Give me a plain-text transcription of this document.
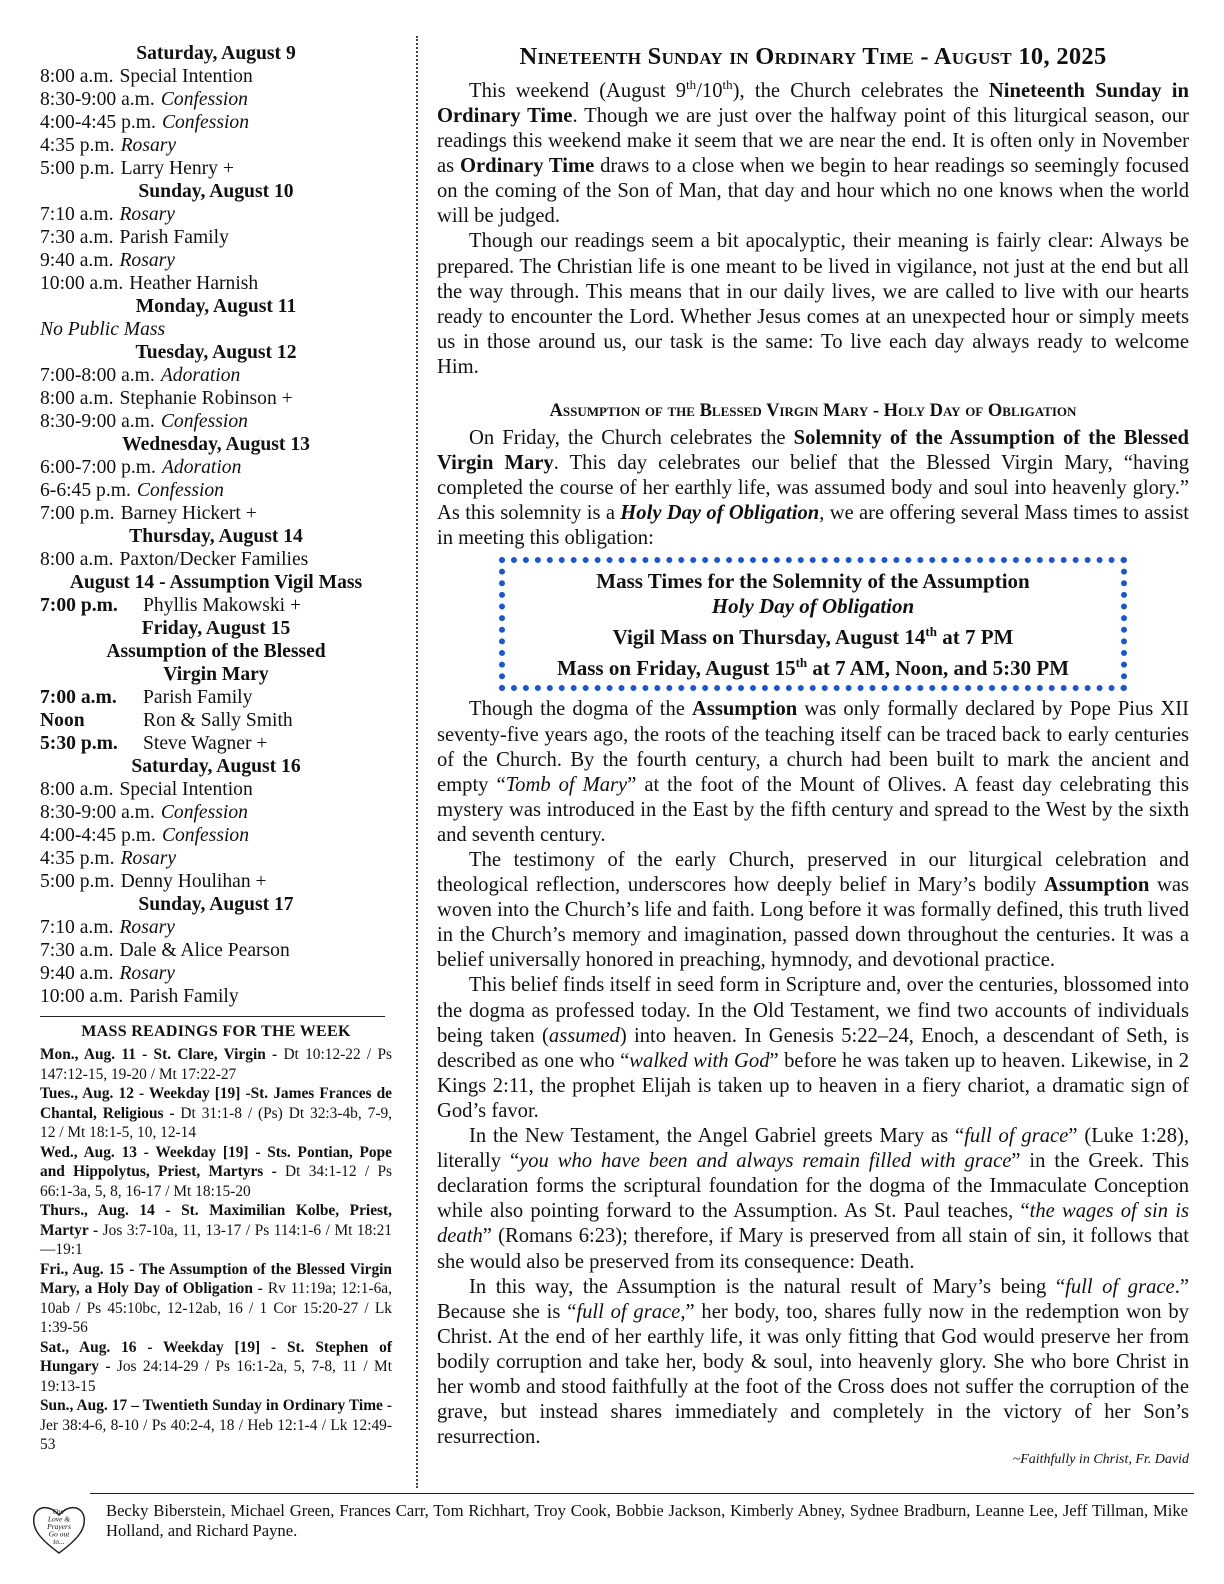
Saturday, August 9
8:00 a.m. Special Intention
8:30-9:00 a.m. Confession
4:00-4:45 p.m. Confession
4:35 p.m. Rosary
5:00 p.m. Larry Henry +
Sunday, August 10
7:10 a.m. Rosary
7:30 a.m. Parish Family
9:40 a.m. Rosary
10:00 a.m. Heather Harnish
Monday, August 11
No Public Mass
Tuesday, August 12
7:00-8:00 a.m. Adoration
8:00 a.m. Stephanie Robinson +
8:30-9:00 a.m. Confession
Wednesday, August 13
6:00-7:00 p.m. Adoration
6-6:45 p.m. Confession
7:00 p.m. Barney Hickert +
Thursday, August 14
8:00 a.m. Paxton/Decker Families
August 14 - Assumption Vigil Mass
7:00 p.m. Phyllis Makowski +
Friday, August 15
Assumption of the Blessed
Virgin Mary
7:00 a.m. Parish Family
Noon	Ron & Sally Smith
5:30 p.m. Steve Wagner +
Saturday, August 16
8:00 a.m. Special Intention
8:30-9:00 a.m. Confession
4:00-4:45 p.m. Confession
4:35 p.m. Rosary
5:00 p.m. Denny Houlihan +
Sunday, August 17
7:10 a.m. Rosary
7:30 a.m. Dale & Alice Pearson
9:40 a.m. Rosary
10:00 a.m. Parish Family
MASS READINGS FOR THE WEEK
Mon., Aug. 11 - St. Clare, Virgin - Dt 10:12-22 / Ps 147:12-15, 19-20 / Mt 17:22-27
Tues., Aug. 12 - Weekday [19] -St. James Frances de Chantal, Religious - Dt 31:1-8 / (Ps) Dt 32:3-4b, 7-9, 12 / Mt 18:1-5, 10, 12-14
Wed., Aug. 13 - Weekday [19] - Sts. Pontian, Pope and Hippolytus, Priest, Martyrs - Dt 34:1-12 / Ps 66:1-3a, 5, 8, 16-17 / Mt 18:15-20
Thurs., Aug. 14 - St. Maximilian Kolbe, Priest, Martyr - Jos 3:7-10a, 11, 13-17 / Ps 114:1-6 / Mt 18:21—19:1
Fri., Aug. 15 - The Assumption of the Blessed Virgin Mary, a Holy Day of Obligation - Rv 11:19a; 12:1-6a, 10ab / Ps 45:10bc, 12-12ab, 16 / 1 Cor 15:20-27 / Lk 1:39-56
Sat., Aug. 16 - Weekday [19] - St. Stephen of Hungary - Jos 24:14-29 / Ps 16:1-2a, 5, 7-8, 11 / Mt 19:13-15
Sun., Aug. 17 – Twentieth Sunday in Ordinary Time - Jer 38:4-6, 8-10 / Ps 40:2-4, 18 / Heb 12:1-4 / Lk 12:49-53
Nineteenth Sunday in Ordinary Time - August 10, 2025

This weekend (August 9th/10th), the Church celebrates the Nineteenth Sunday in Ordinary Time. Though we are just over the halfway point of this liturgical season, our readings this weekend make it seem that we are near the end. It is often only in November as Ordinary Time draws to a close when we begin to hear readings so seemingly focused on the coming of the Son of Man, that day and hour which no one knows when the world will be judged.

Though our readings seem a bit apocalyptic, their meaning is fairly clear: Always be prepared. The Christian life is one meant to be lived in vigilance, not just at the end but all the way through. This means that in our daily lives, we are called to live with our hearts ready to encounter the Lord. Whether Jesus comes at an unexpected hour or simply meets us in those around us, our task is the same: To live each day always ready to welcome Him.

Assumption of the Blessed Virgin Mary - Holy Day of Obligation

On Friday, the Church celebrates the Solemnity of the Assumption of the Blessed Virgin Mary. This day celebrates our belief that the Blessed Virgin Mary, “having completed the course of her earthly life, was assumed body and soul into heavenly glory.” As this solemnity is a Holy Day of Obligation, we are offering several Mass times to assist in meeting this obligation:

Mass Times for the Solemnity of the Assumption
Holy Day of Obligation
Vigil Mass on Thursday, August 14th at 7 PM
Mass on Friday, August 15th at 7 AM, Noon, and 5:30 PM

Though the dogma of the Assumption was only formally declared by Pope Pius XII seventy-five years ago, the roots of the teaching itself can be traced back to early centuries of the Church. By the fourth century, a church had been built to mark the ancient and empty “Tomb of Mary” at the foot of the Mount of Olives. A feast day celebrating this mystery was introduced in the East by the fifth century and spread to the West by the sixth and seventh century.

The testimony of the early Church, preserved in our liturgical celebration and theological reflection, underscores how deeply belief in Mary’s bodily Assumption was woven into the Church’s life and faith. Long before it was formally defined, this truth lived in the Church’s memory and imagination, passed down throughout the centuries. It was a belief universally honored in preaching, hymnody, and devotional practice.

This belief finds itself in seed form in Scripture and, over the centuries, blossomed into the dogma as professed today. In the Old Testament, we find two accounts of individuals being taken (assumed) into heaven. In Genesis 5:22–24, Enoch, a descendant of Seth, is described as one who “walked with God” before he was taken up to heaven. Likewise, in 2 Kings 2:11, the prophet Elijah is taken up to heaven in a fiery chariot, a dramatic sign of God’s favor.

In the New Testament, the Angel Gabriel greets Mary as “full of grace” (Luke 1:28), literally “you who have been and always remain filled with grace” in the Greek. This declaration forms the scriptural foundation for the dogma of the Immaculate Conception while also pointing forward to the Assumption. As St. Paul teaches, “the wages of sin is death” (Romans 6:23); therefore, if Mary is preserved from all stain of sin, it follows that she would also be preserved from its consequence: Death.

In this way, the Assumption is the natural result of Mary’s being “full of grace.” Because she is “full of grace,” her body, too, shares fully now in the redemption won by Christ. At the end of her earthly life, it was only fitting that God would preserve her from bodily corruption and take her, body & soul, into heavenly glory. She who bore Christ in her womb and stood faithfully at the foot of the Cross does not suffer the corruption of the grave, but instead shares immediately and completely in the victory of her Son’s resurrection.

~Faithfully in Christ, Fr. David
Our Love & Prayers Go out to...
Becky Biberstein, Michael Green, Frances Carr, Tom Richhart, Troy Cook, Bobbie Jackson, Kimberly Abney, Sydnee Bradburn, Leanne Lee, Jeff Tillman, Mike Holland, and Richard Payne.
